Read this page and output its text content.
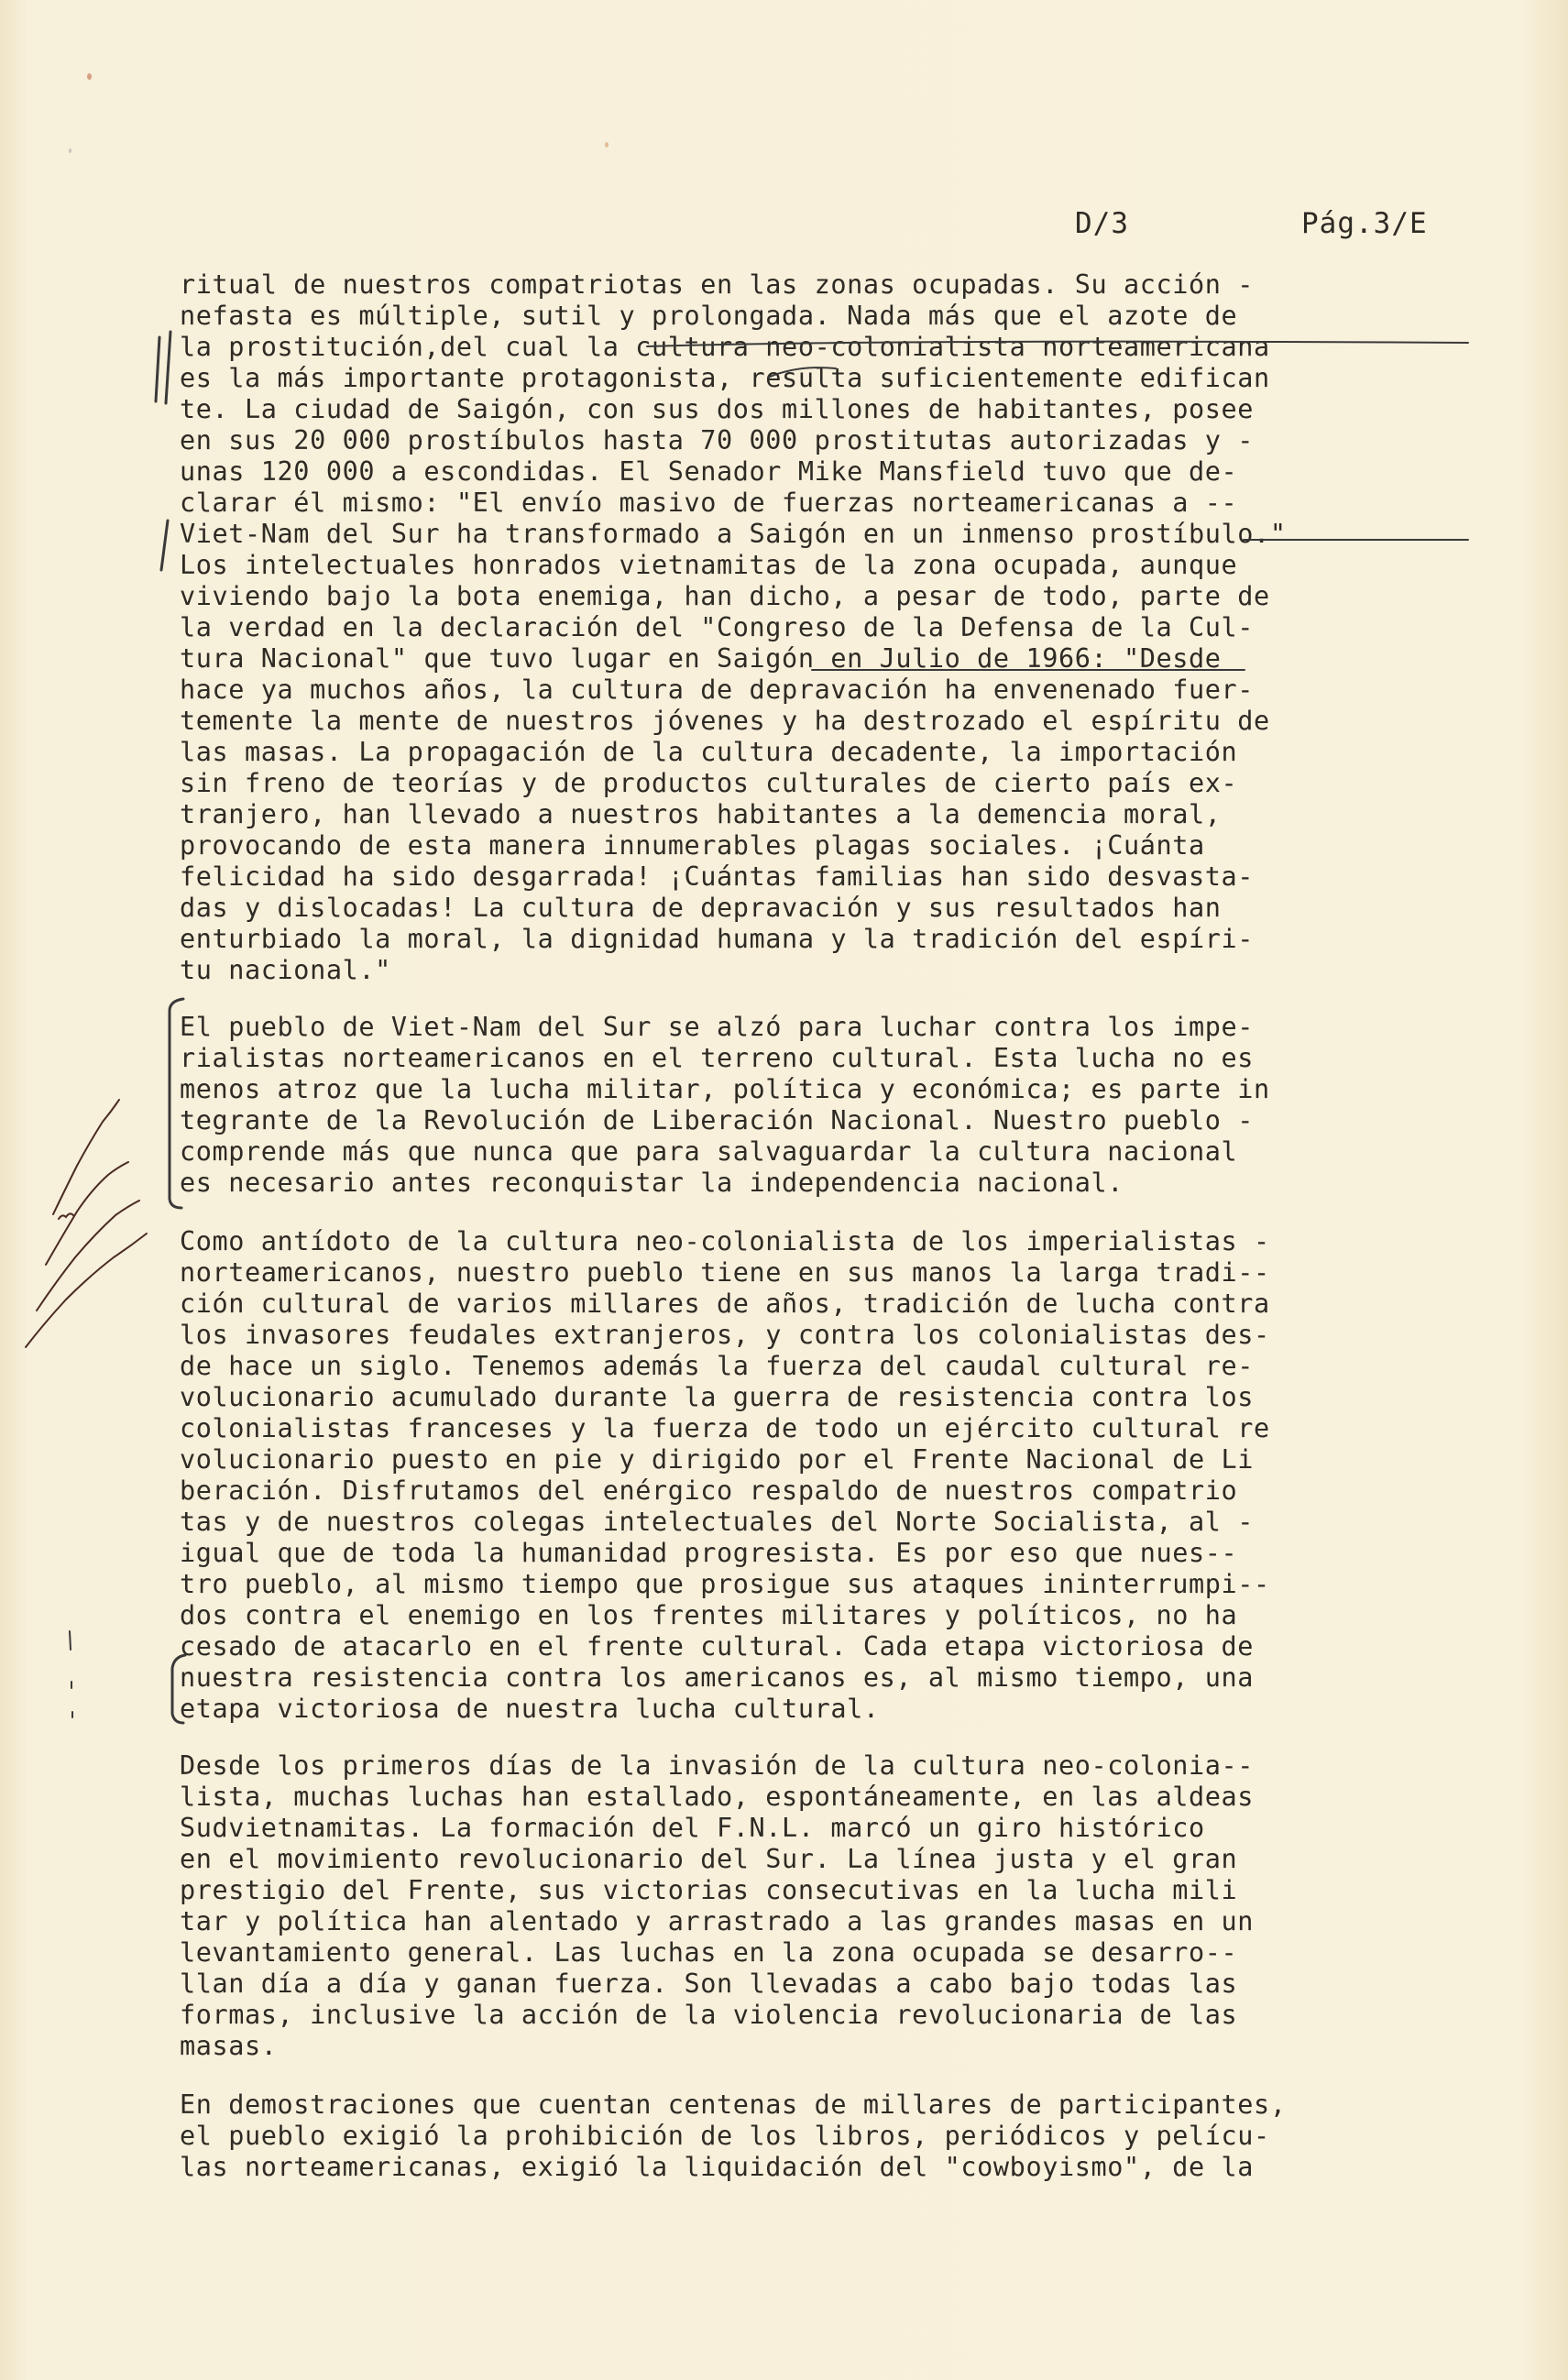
D/3	Pág.3/E
ritual de nuestros compatriotas en las zonas ocupadas. Su acción -
nefasta es múltiple, sutil y prolongada. Nada más que el azote de
la prostitución,del cual la cultura neo-colonialista norteamericana
es la más importante protagonista, resulta suficientemente edifican
te. La ciudad de Saigón, con sus dos millones de habitantes, posee
en sus 20 000 prostíbulos hasta 70 000 prostitutas autorizadas y -
unas 120 000 a escondidas. El Senador Mike Mansfield tuvo que de-
clarar él mismo: "El envío masivo de fuerzas norteamericanas a --
Viet-Nam del Sur ha transformado a Saigón en un inmenso prostíbulo."
Los intelectuales honrados vietnamitas de la zona ocupada, aunque
viviendo bajo la bota enemiga, han dicho, a pesar de todo, parte de
la verdad en la declaración del "Congreso de la Defensa de la Cul-
tura Nacional" que tuvo lugar en Saigón en Julio de 1966: "Desde
hace ya muchos años, la cultura de depravación ha envenenado fuer-
temente la mente de nuestros jóvenes y ha destrozado el espíritu de
las masas. La propagación de la cultura decadente, la importación
sin freno de teorías y de productos culturales de cierto país ex-
tranjero, han llevado a nuestros habitantes a la demencia moral,
provocando de esta manera innumerables plagas sociales. ¡Cuánta
felicidad ha sido desgarrada! ¡Cuántas familias han sido desvasta-
das y dislocadas! La cultura de depravación y sus resultados han
enturbiado la moral, la dignidad humana y la tradición del espíri-
tu nacional."
El pueblo de Viet-Nam del Sur se alzó para luchar contra los impe-
rialistas norteamericanos en el terreno cultural. Esta lucha no es
menos atroz que la lucha militar, política y económica; es parte in
tegrante de la Revolución de Liberación Nacional. Nuestro pueblo -
comprende más que nunca que para salvaguardar la cultura nacional
es necesario antes reconquistar la independencia nacional.
Como antídoto de la cultura neo-colonialista de los imperialistas -
norteamericanos, nuestro pueblo tiene en sus manos la larga tradi--
ción cultural de varios millares de años, tradición de lucha contra
los invasores feudales extranjeros, y contra los colonialistas des-
de hace un siglo. Tenemos además la fuerza del caudal cultural re-
volucionario acumulado durante la guerra de resistencia contra los
colonialistas franceses y la fuerza de todo un ejército cultural re
volucionario puesto en pie y dirigido por el Frente Nacional de Li
beración. Disfrutamos del enérgico respaldo de nuestros compatrio
tas y de nuestros colegas intelectuales del Norte Socialista, al -
igual que de toda la humanidad progresista. Es por eso que nues--
tro pueblo, al mismo tiempo que prosigue sus ataques ininterrumpi--
dos contra el enemigo en los frentes militares y políticos, no ha
cesado de atacarlo en el frente cultural. Cada etapa victoriosa de
nuestra resistencia contra los americanos es, al mismo tiempo, una
etapa victoriosa de nuestra lucha cultural.
Desde los primeros días de la invasión de la cultura neo-colonia--
lista, muchas luchas han estallado, espontáneamente, en las aldeas
Sudvietnamitas. La formación del F.N.L. marcó un giro histórico
en el movimiento revolucionario del Sur. La línea justa y el gran
prestigio del Frente, sus victorias consecutivas en la lucha mili
tar y política han alentado y arrastrado a las grandes masas en un
levantamiento general. Las luchas en la zona ocupada se desarro--
llan día a día y ganan fuerza. Son llevadas a cabo bajo todas las
formas, inclusive la acción de la violencia revolucionaria de las
masas.
En demostraciones que cuentan centenas de millares de participantes,
el pueblo exigió la prohibición de los libros, periódicos y pelícu-
las norteamericanas, exigió la liquidación del "cowboyismo", de la
